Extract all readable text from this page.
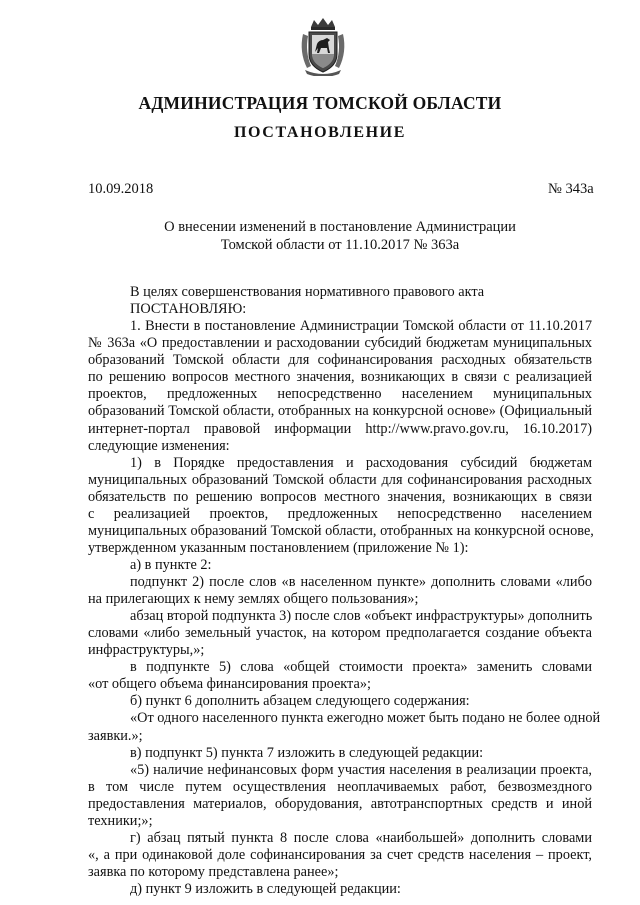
АДМИНИСТРАЦИЯ ТОМСКОЙ ОБЛАСТИ
ПОСТАНОВЛЕНИЕ
10.09.2018	№ 343а
О внесении изменений в постановление Администрации
Томской области от 11.10.2017 № 363а
В целях совершенствования нормативного правового акта
ПОСТАНОВЛЯЮ:
1. Внести в постановление Администрации Томской области от 11.10.2017
№ 363а «О предоставлении и расходовании субсидий бюджетам муниципальных
образований Томской области для софинансирования расходных обязательств
по решению вопросов местного значения, возникающих в связи с реализацией
проектов, предложенных непосредственно населением муниципальных
образований Томской области, отобранных на конкурсной основе» (Официальный
интернет-портал правовой информации http://www.pravo.gov.ru, 16.10.2017)
следующие изменения:
1) в Порядке предоставления и расходования субсидий бюджетам
муниципальных образований Томской области для софинансирования расходных
обязательств по решению вопросов местного значения, возникающих в связи
с реализацией проектов, предложенных непосредственно населением
муниципальных образований Томской области, отобранных на конкурсной основе,
утвержденном указанным постановлением (приложение № 1):
а) в пункте 2:
подпункт 2) после слов «в населенном пункте» дополнить словами «либо
на прилегающих к нему землях общего пользования»;
абзац второй подпункта 3) после слов «объект инфраструктуры» дополнить
словами «либо земельный участок, на котором предполагается создание объекта
инфраструктуры,»;
в подпункте 5) слова «общей стоимости проекта» заменить словами
«от общего объема финансирования проекта»;
б) пункт 6 дополнить абзацем следующего содержания:
«От одного населенного пункта ежегодно может быть подано не более одной
заявки.»;
в) подпункт 5) пункта 7 изложить в следующей редакции:
«5) наличие нефинансовых форм участия населения в реализации проекта,
в том числе путем осуществления неоплачиваемых работ, безвозмездного
предоставления материалов, оборудования, автотранспортных средств и иной
техники;»;
г) абзац пятый пункта 8 после слова «наибольшей» дополнить словами
«, а при одинаковой доле софинансирования за счет средств населения – проект,
заявка по которому представлена ранее»;
д) пункт 9 изложить в следующей редакции:
